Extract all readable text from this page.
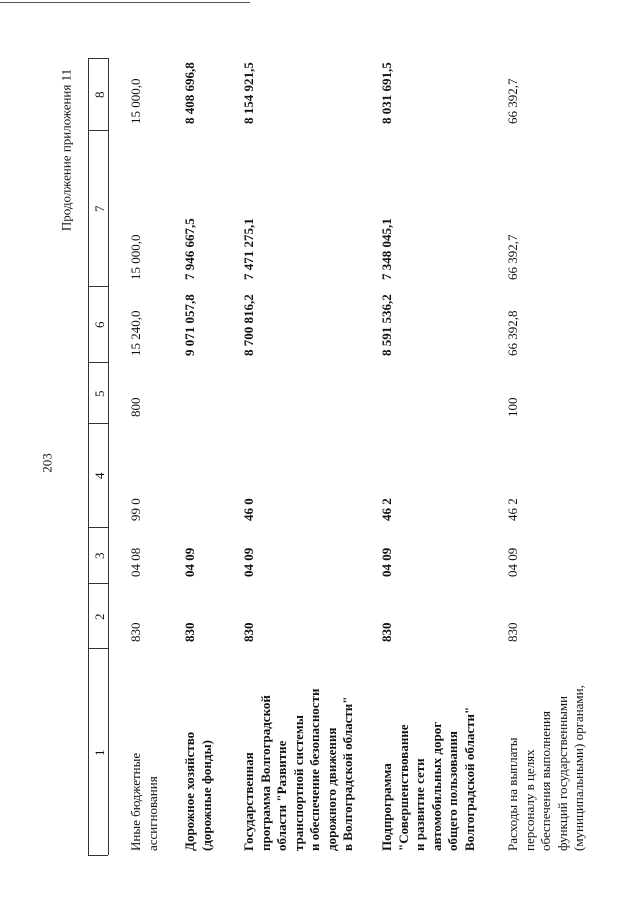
203
Продолжение приложения 11
1
2
3
4
5
6
7
8
Иные бюджетные
ассигнования
830
04 08
99 0
800
15 240,0
15 000,0
15 000,0
Дорожное хозяйство
(дорожные фонды)
830
04 09
9 071 057,8
7 946 667,5
8 408 696,8
Государственная
программа Волгоградской
области "Развитие
транспортной системы
и обеспечение безопасности
дорожного движения
в Волгоградской области"
830
04 09
46 0
8 700 816,2
7 471 275,1
8 154 921,5
Подпрограмма
"Совершенствование
и развитие сети
автомобильных дорог
общего пользования
Волгоградской области"
830
04 09
46 2
8 591 536,2
7 348 045,1
8 031 691,5
Расходы на выплаты
персоналу в целях
обеспечения выполнения
функций государственными
(муниципальными) органами,
830
04 09
46 2
100
66 392,8
66 392,7
66 392,7
